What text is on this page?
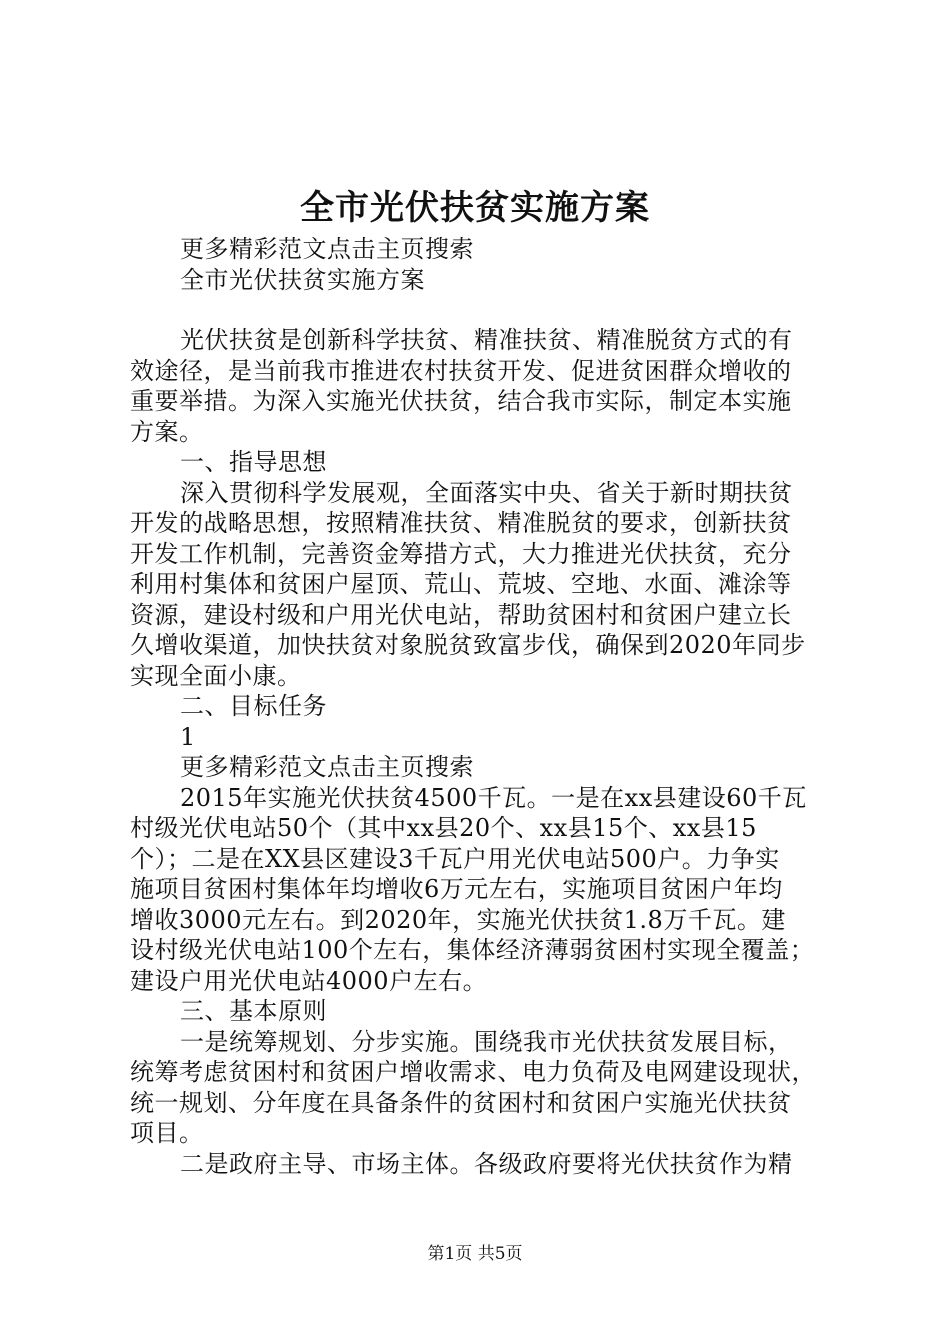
全市光伏扶贫实施方案

更多精彩范文点击主页搜索

全市光伏扶贫实施方案

光伏扶贫是创新科学扶贫、精准扶贫、精准脱贫方式的有

效途径，是当前我市推进农村扶贫开发、促进贫困群众增收的

重要举措。为深入实施光伏扶贫，结合我市实际，制定本实施

方案。

一、指导思想

深入贯彻科学发展观，全面落实中央、省关于新时期扶贫

开发的战略思想，按照精准扶贫、精准脱贫的要求，创新扶贫

开发工作机制，完善资金筹措方式，大力推进光伏扶贫，充分

利用村集体和贫困户屋顶、荒山、荒坡、空地、水面、滩涂等

资源，建设村级和户用光伏电站，帮助贫困村和贫困户建立长

久增收渠道，加快扶贫对象脱贫致富步伐，确保到2020年同步

实现全面小康。

二、目标任务

1

更多精彩范文点击主页搜索

2015年实施光伏扶贫4500千瓦。一是在xx县建设60千瓦

村级光伏电站50个（其中xx县20个、xx县15个、xx县15

个）；二是在XX县区建设3千瓦户用光伏电站500户。力争实

施项目贫困村集体年均增收6万元左右，实施项目贫困户年均

增收3000元左右。到2020年，实施光伏扶贫1.8万千瓦。建

设村级光伏电站100个左右，集体经济薄弱贫困村实现全覆盖；

建设户用光伏电站4000户左右。

三、基本原则

一是统筹规划、分步实施。围绕我市光伏扶贫发展目标，

统筹考虑贫困村和贫困户增收需求、电力负荷及电网建设现状，

统一规划、分年度在具备条件的贫困村和贫困户实施光伏扶贫

项目。

二是政府主导、市场主体。各级政府要将光伏扶贫作为精

第1页 共5页
